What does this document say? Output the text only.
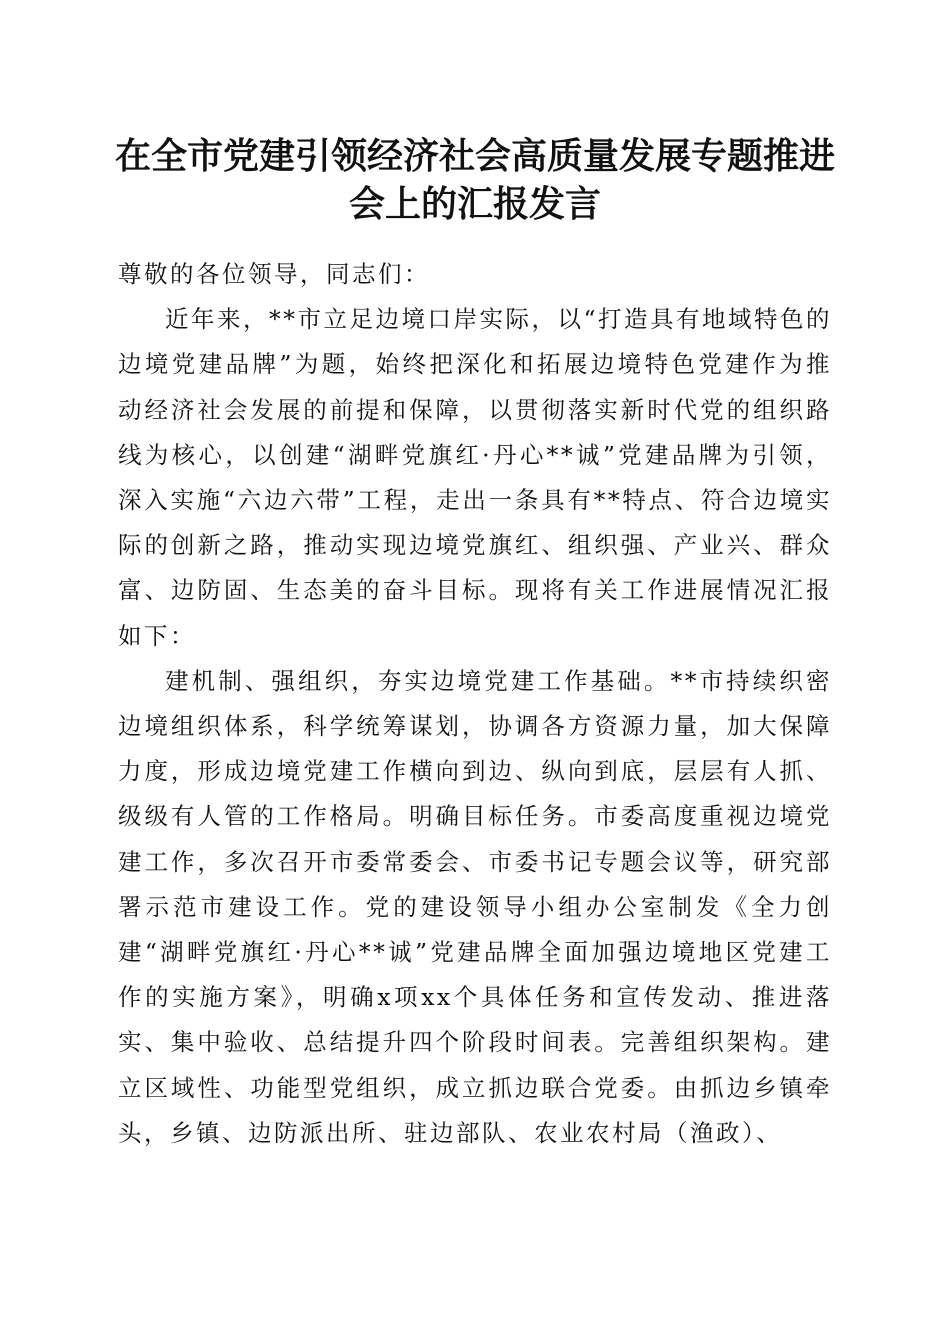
在全市党建引领经济社会高质量发展专题推进
会上的汇报发言

尊敬的各位领导，同志们：

近年来，**市立足边境口岸实际，以“打造具有地域特色的边境党建品牌”为题，始终把深化和拓展边境特色党建作为推动经济社会发展的前提和保障，以贯彻落实新时代党的组织路线为核心，以创建“湖畔党旗红·丹心**诚”党建品牌为引领，深入实施“六边六带”工程，走出一条具有**特点、符合边境实际的创新之路，推动实现边境党旗红、组织强、产业兴、群众富、边防固、生态美的奋斗目标。现将有关工作进展情况汇报如下：

建机制、强组织，夯实边境党建工作基础。**市持续织密边境组织体系，科学统筹谋划，协调各方资源力量，加大保障力度，形成边境党建工作横向到边、纵向到底，层层有人抓、级级有人管的工作格局。明确目标任务。市委高度重视边境党建工作，多次召开市委常委会、市委书记专题会议等，研究部署示范市建设工作。党的建设领导小组办公室制发《全力创建“湖畔党旗红·丹心**诚”党建品牌全面加强边境地区党建工作的实施方案》，明确x项xx个具体任务和宣传发动、推进落实、集中验收、总结提升四个阶段时间表。完善组织架构。建立区域性、功能型党组织，成立抓边联合党委。由抓边乡镇牵头，乡镇、边防派出所、驻边部队、农业农村局（渔政）、
